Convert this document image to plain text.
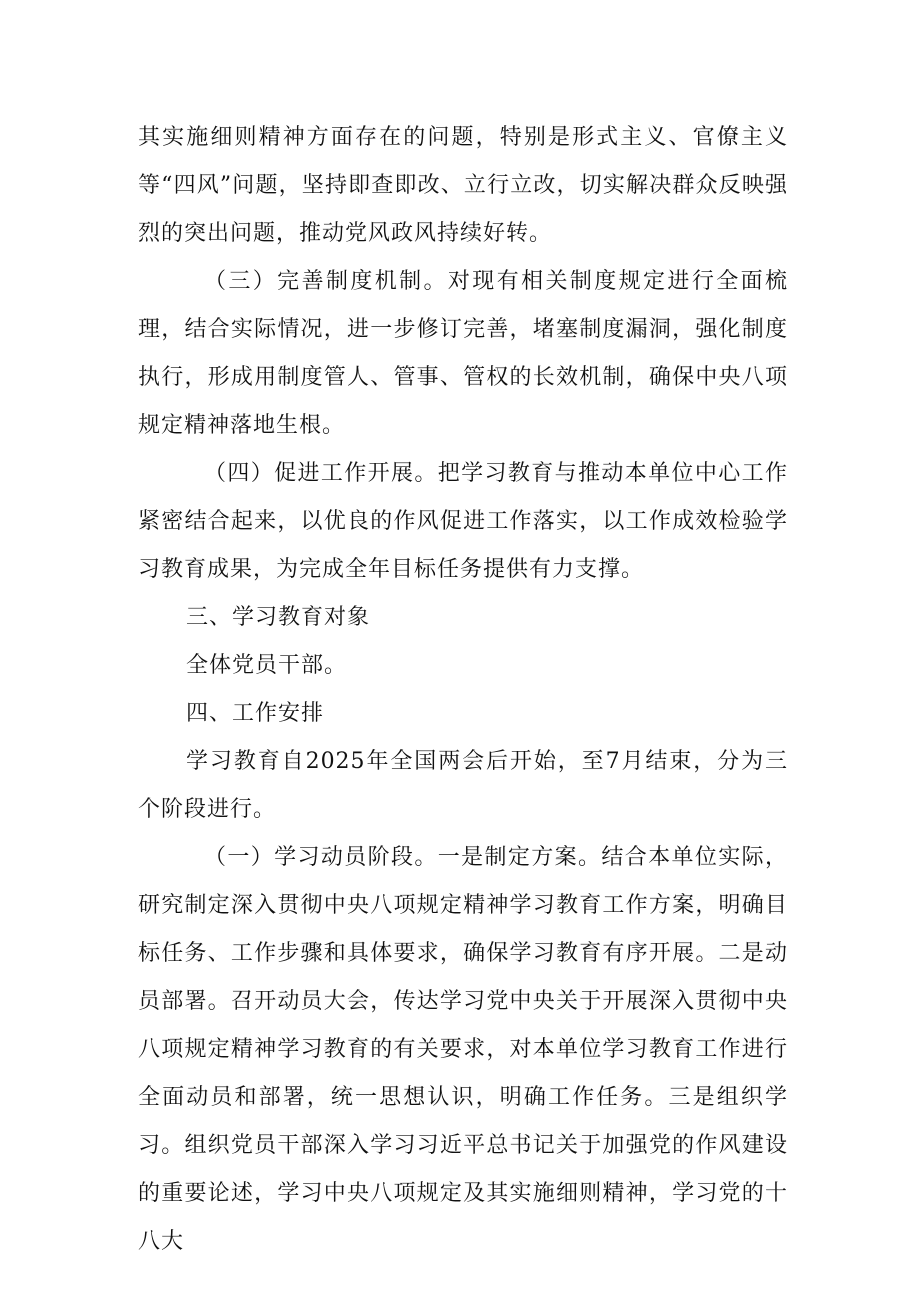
其实施细则精神方面存在的问题，特别是形式主义、官僚主义等“四风”问题，坚持即查即改、立行立改，切实解决群众反映强烈的突出问题，推动党风政风持续好转。

（三）完善制度机制。对现有相关制度规定进行全面梳理，结合实际情况，进一步修订完善，堵塞制度漏洞，强化制度执行，形成用制度管人、管事、管权的长效机制，确保中央八项规定精神落地生根。

（四）促进工作开展。把学习教育与推动本单位中心工作紧密结合起来，以优良的作风促进工作落实，以工作成效检验学习教育成果，为完成全年目标任务提供有力支撑。

三、学习教育对象

全体党员干部。

四、工作安排

学习教育自2025年全国两会后开始，至7月结束，分为三个阶段进行。

（一）学习动员阶段。一是制定方案。结合本单位实际，研究制定深入贯彻中央八项规定精神学习教育工作方案，明确目标任务、工作步骤和具体要求，确保学习教育有序开展。二是动员部署。召开动员大会，传达学习党中央关于开展深入贯彻中央八项规定精神学习教育的有关要求，对本单位学习教育工作进行全面动员和部署，统一思想认识，明确工作任务。三是组织学习。组织党员干部深入学习习近平总书记关于加强党的作风建设的重要论述，学习中央八项规定及其实施细则精神，学习党的十八大
